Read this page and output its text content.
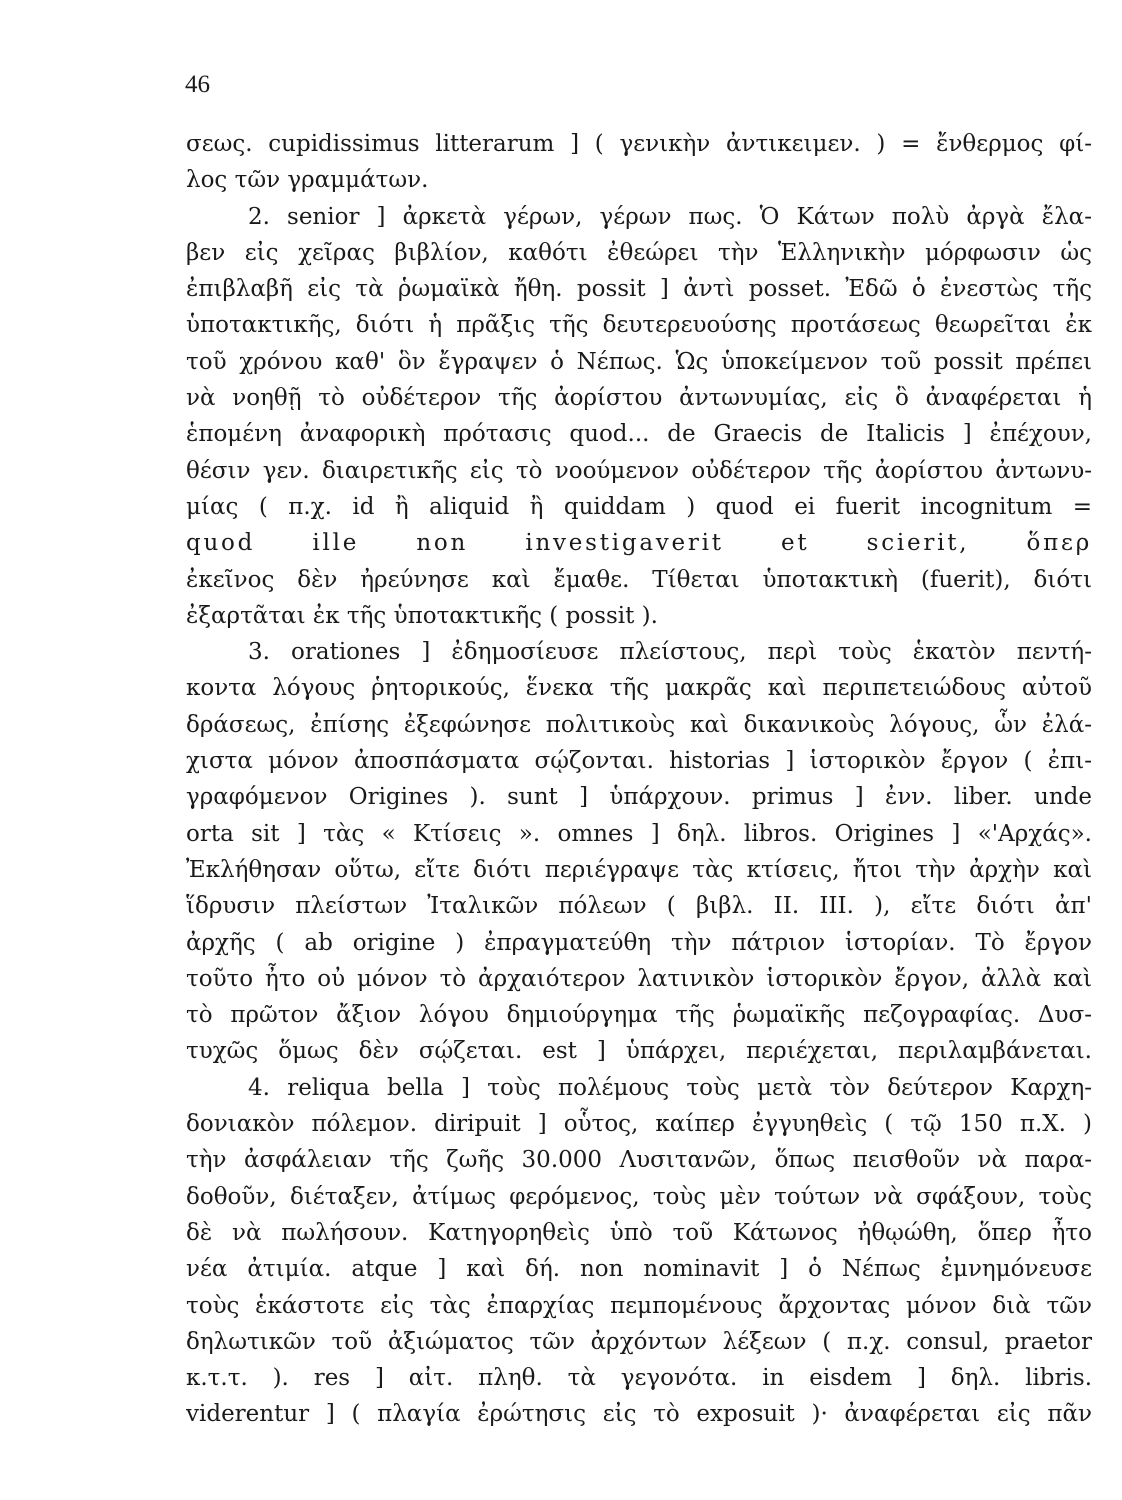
46
σεως. cupidissimus litterarum ] ( γενικὴν ἀντικειμεν. ) = ἔνθερμος φί-
λος τῶν γραμμάτων.
2. senior ] ἀρκετὰ γέρων, γέρων πως. Ὁ Κάτων πολὺ ἀργὰ ἔλα-
βεν εἰς χεῖρας βιβλίον, καθότι ἐθεώρει τὴν Ἑλληνικὴν μόρφωσιν ὡς
ἐπιβλαβῆ εἰς τὰ ῥωμαϊκὰ ἤθη. possit ] ἀντὶ posset. Ἐδῶ ὁ ἐνεστὼς τῆς
ὑποτακτικῆς, διότι ἡ πρᾶξις τῆς δευτερευούσης προτάσεως θεωρεῖται ἐκ
τοῦ χρόνου καθ' ὃν ἔγραψεν ὁ Νέπως. Ὡς ὑποκείμενον τοῦ possit πρέπει
νὰ νοηθῇ τὸ οὐδέτερον τῆς ἀορίστου ἀντωνυμίας, εἰς ὃ ἀναφέρεται ἡ
ἑπομένη ἀναφορικὴ πρότασις quod... de Graecis de Italicis ] ἐπέχουν,
θέσιν γεν. διαιρετικῆς εἰς τὸ νοούμενον οὐδέτερον τῆς ἀορίστου ἀντωνυ-
μίας ( π.χ. id ἢ aliquid ἢ quiddam ) quod ei fuerit incognitum =
quod ille non investigaverit et scierit, ὅπερ
ἐκεῖνος δὲν ἠρεύνησε καὶ ἔμαθε. Τίθεται ὑποτακτικὴ (fuerit), διότι
ἐξαρτᾶται ἐκ τῆς ὑποτακτικῆς ( possit ).
3. orationes ] ἐδημοσίευσε πλείστους, περὶ τοὺς ἑκατὸν πεντή-
κοντα λόγους ῥητορικούς, ἕνεκα τῆς μακρᾶς καὶ περιπετειώδους αὐτοῦ
δράσεως, ἐπίσης ἐξεφώνησε πολιτικοὺς καὶ δικανικοὺς λόγους, ὧν ἐλά-
χιστα μόνον ἀποσπάσματα σῴζονται. historias ] ἱστορικὸν ἔργον ( ἐπι-
γραφόμενον Origines ). sunt ] ὑπάρχουν. primus ] ἐνν. liber. unde
orta sit ] τὰς « Κτίσεις ». omnes ] δηλ. libros. Origines ] «'Αρχάς».
Ἐκλήθησαν οὕτω, εἴτε διότι περιέγραψε τὰς κτίσεις, ἤτοι τὴν ἀρχὴν καὶ
ἵδρυσιν πλείστων Ἰταλικῶν πόλεων ( βιβλ. II. III. ), εἴτε διότι ἀπ'
ἀρχῆς ( ab origine ) ἐπραγματεύθη τὴν πάτριον ἱστορίαν. Τὸ ἔργον
τοῦτο ἦτο οὐ μόνον τὸ ἀρχαιότερον λατινικὸν ἱστορικὸν ἔργον, ἀλλὰ καὶ
τὸ πρῶτον ἄξιον λόγου δημιούργημα τῆς ῥωμαϊκῆς πεζογραφίας. Δυσ-
τυχῶς ὅμως δὲν σῴζεται. est ] ὑπάρχει, περιέχεται, περιλαμβάνεται.
4. reliqua bella ] τοὺς πολέμους τοὺς μετὰ τὸν δεύτερον Καρχη-
δονιακὸν πόλεμον. diripuit ] οὗτος, καίπερ ἐγγυηθεὶς ( τῷ 150 π.Χ. )
τὴν ἀσφάλειαν τῆς ζωῆς 30.000 Λυσιτανῶν, ὅπως πεισθοῦν νὰ παρα-
δοθοῦν, διέταξεν, ἀτίμως φερόμενος, τοὺς μὲν τούτων νὰ σφάξουν, τοὺς
δὲ νὰ πωλήσουν. Κατηγορηθεὶς ὑπὸ τοῦ Κάτωνος ἠθῳώθη, ὅπερ ἦτο
νέα ἀτιμία. atque ] καὶ δή. non nominavit ] ὁ Νέπως ἐμνημόνευσε
τοὺς ἑκάστοτε εἰς τὰς ἐπαρχίας πεμπομένους ἄρχοντας μόνον διὰ τῶν
δηλωτικῶν τοῦ ἀξιώματος τῶν ἀρχόντων λέξεων ( π.χ. consul, praetor
κ.τ.τ. ). res ] αἰτ. πληθ. τὰ γεγονότα. in eisdem ] δηλ. libris.
viderentur ] ( πλαγία ἐρώτησις εἰς τὸ exposuit )· ἀναφέρεται εἰς πᾶν
